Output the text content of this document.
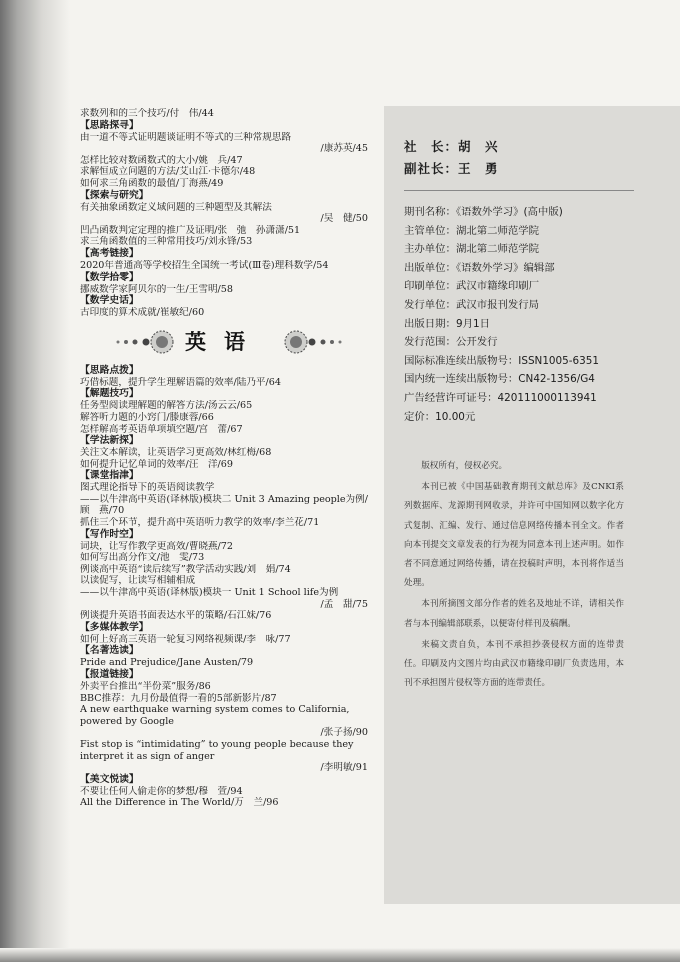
求数列和的三个技巧/付　伟/44
【思路探寻】
由一道不等式证明题谈证明不等式的三种常规思路
/康苏英/45
怎样比较对数函数式的大小/姚　兵/47
求解恒成立问题的方法/艾山江·卡德尔/48
如何求三角函数的最值/丁海燕/49
【探索与研究】
有关抽象函数定义域问题的三种题型及其解法
/吴　健/50
凹凸函数判定定理的推广及证明/张　弛　孙潇潇/51
求三角函数值的三种常用技巧/刘永锋/53
【高考链接】
2020年普通高等学校招生全国统一考试(Ⅲ卷)理科数学/54
【数学拾零】
挪威数学家阿贝尔的一生/王雪明/58
【数学史话】
古印度的算术成就/崔敏纪/60
英语
【思路点拨】
巧借标题，提升学生理解语篇的效率/陆乃平/64
【解题技巧】
任务型阅读理解题的解答方法/汤云云/65
解答听力题的小窍门/滕康蓉/66
怎样解高考英语单项填空题/宫　蕾/67
【学法新探】
关注文本解读，让英语学习更高效/林红梅/68
如何提升记忆单词的效率/汪　洋/69
【课堂指津】
图式理论指导下的英语阅读教学
——以牛津高中英语(译林版)模块二 Unit 3 Amazing people为例/顾　燕/70
抓住三个环节，提升高中英语听力教学的效率/李兰花/71
【写作时空】
词块，让写作教学更高效/曹晓燕/72
如何写出高分作文/池　雯/73
例谈高中英语“读后续写”教学活动实践/刘　娟/74
以读促写，让读写相辅相成
——以牛津高中英语(译林版)模块一 Unit 1 School life为例
/孟　甜/75
例谈提升英语书面表达水平的策略/石江妹/76
【多媒体教学】
如何上好高三英语一轮复习网络视频课/李　咏/77
【名著选读】
Pride and Prejudice/Jane Austen/79
【报道链接】
外卖平台推出“半份菜”服务/86
BBC推荐：九月份最值得一看的5部新影片/87
A new earthquake warning system comes to California, powered by Google
/张子扬/90
Fist stop is “intimidating” to young people because they interpret it as sign of anger
/李明敏/91
【美文悦读】
不要让任何人偷走你的梦想/穆　萱/94
All the Difference in The World/万　兰/96
社　长：胡　兴
副社长：王　勇
期刊名称：《语数外学习》(高中版)
主管单位：湖北第二师范学院
主办单位：湖北第二师范学院
出版单位：《语数外学习》编辑部
印刷单位：武汉市籍缘印刷厂
发行单位：武汉市报刊发行局
出版日期：9月1日
发行范围：公开发行
国际标准连续出版物号：ISSN1005-6351
国内统一连续出版物号：CN42-1356/G4
广告经营许可证号：420111000113941
定价：10.00元

版权所有，侵权必究。

本刊已被《中国基础教育期刊文献总库》及CNKI系列数据库、龙源期刊网收录，并许可中国知网以数字化方式复制、汇编、发行、通过信息网络传播本刊全文。作者向本刊提交文章发表的行为视为同意本刊上述声明。如作者不同意通过网络传播，请在投稿时声明，本刊将作适当处理。

本刊所摘图文部分作者的姓名及地址不详，请相关作者与本刊编辑部联系，以便寄付样刊及稿酬。

来稿文责自负，本刊不承担抄袭侵权方面的连带责任。印刷及内文图片均由武汉市籍缘印刷厂负责选用，本刊不承担图片侵权等方面的连带责任。
